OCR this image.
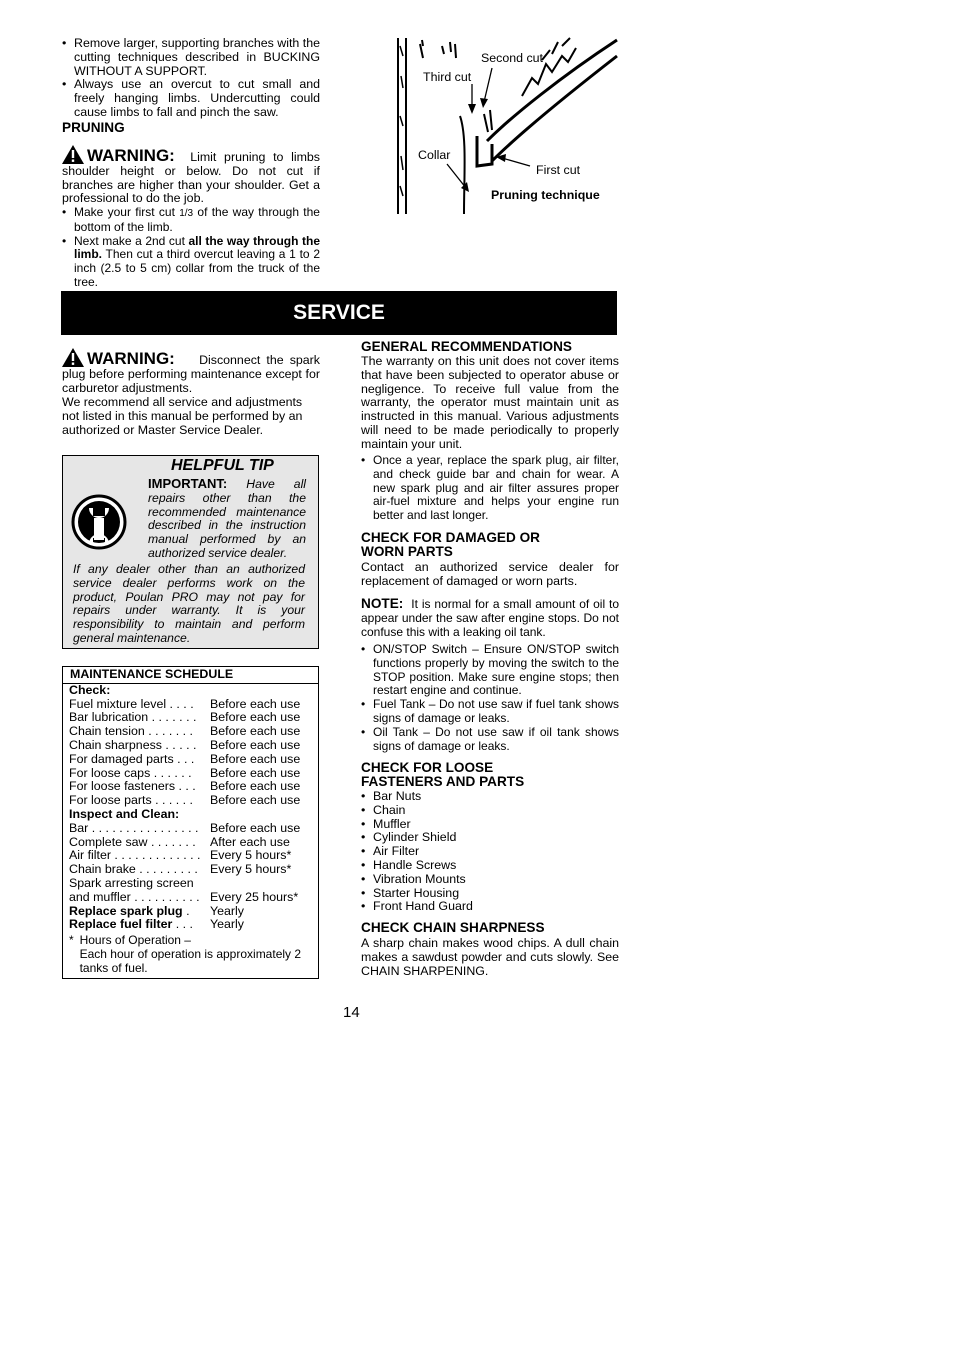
• Remove larger, supporting branches with the cutting techniques described in BUCKING WITHOUT A SUPPORT.
• Always use an overcut to cut small and freely hanging limbs. Undercutting could cause limbs to fall and pinch the saw.
PRUNING
WARNING: Limit pruning to limbs shoulder height or below. Do not cut if branches are higher than your shoulder. Get a professional to do the job.
• Make your first cut 1/3 of the way through the bottom of the limb.
• Next make a 2nd cut all the way through the limb. Then cut a third overcut leaving a 1 to 2 inch (2.5 to 5 cm) collar from the truck of the tree.
Second cut
Third cut
Collar
First cut
Pruning technique
SERVICE
WARNING: Disconnect the spark plug before performing maintenance except for carburetor adjustments.
We recommend all service and adjustments not listed in this manual be performed by an authorized or Master Service Dealer.
HELPFUL TIP
IMPORTANT: Have all repairs other than the recommended maintenance described in the instruction manual performed by an authorized service dealer.
If any dealer other than an authorized service dealer performs work on the product, Poulan PRO may not pay for repairs under warranty. It is your responsibility to maintain and perform general maintenance.
MAINTENANCE SCHEDULE
Check:
Fuel mixture level . . . .	Before each use
Bar lubrication . . . . . . .	Before each use
Chain tension . . . . . . .	Before each use
Chain sharpness . . . . .	Before each use
For damaged parts . . .	Before each use
For loose caps . . . . . .	Before each use
For loose fasteners . . .	Before each use
For loose parts . . . . . .	Before each use
Inspect and Clean:
Bar . . . . . . . . . . . . . . . . Before each use
Complete saw . . . . . . .	After each use
Air filter . . . . . . . . . . . . . Every 5 hours*
Chain brake . . . . . . . . . Every 5 hours*
Spark arresting screen
and muffler . . . . . . . . . . Every 25 hours*
Replace spark plug .	Yearly
Replace fuel filter . . .	Yearly
* Hours of Operation –
Each hour of operation is approximately 2 tanks of fuel.
GENERAL RECOMMENDATIONS
The warranty on this unit does not cover items that have been subjected to operator abuse or negligence. To receive full value from the warranty, the operator must maintain unit as instructed in this manual. Various adjustments will need to be made periodically to properly maintain your unit.
• Once a year, replace the spark plug, air filter, and check guide bar and chain for wear. A new spark plug and air filter assures proper air-fuel mixture and helps your engine run better and last longer.
CHECK FOR DAMAGED OR
WORN PARTS
Contact an authorized service dealer for replacement of damaged or worn parts.
NOTE: It is normal for a small amount of oil to appear under the saw after engine stops. Do not confuse this with a leaking oil tank.
• ON/STOP Switch – Ensure ON/STOP switch functions properly by moving the switch to the STOP position. Make sure engine stops; then restart engine and continue.
• Fuel Tank – Do not use saw if fuel tank shows signs of damage or leaks.
• Oil Tank – Do not use saw if oil tank shows signs of damage or leaks.
CHECK FOR LOOSE
FASTENERS AND PARTS
• Bar Nuts
• Chain
• Muffler
• Cylinder Shield
• Air Filter
• Handle Screws
• Vibration Mounts
• Starter Housing
• Front Hand Guard
CHECK CHAIN SHARPNESS
A sharp chain makes wood chips. A dull chain makes a sawdust powder and cuts slowly. See CHAIN SHARPENING.
14
